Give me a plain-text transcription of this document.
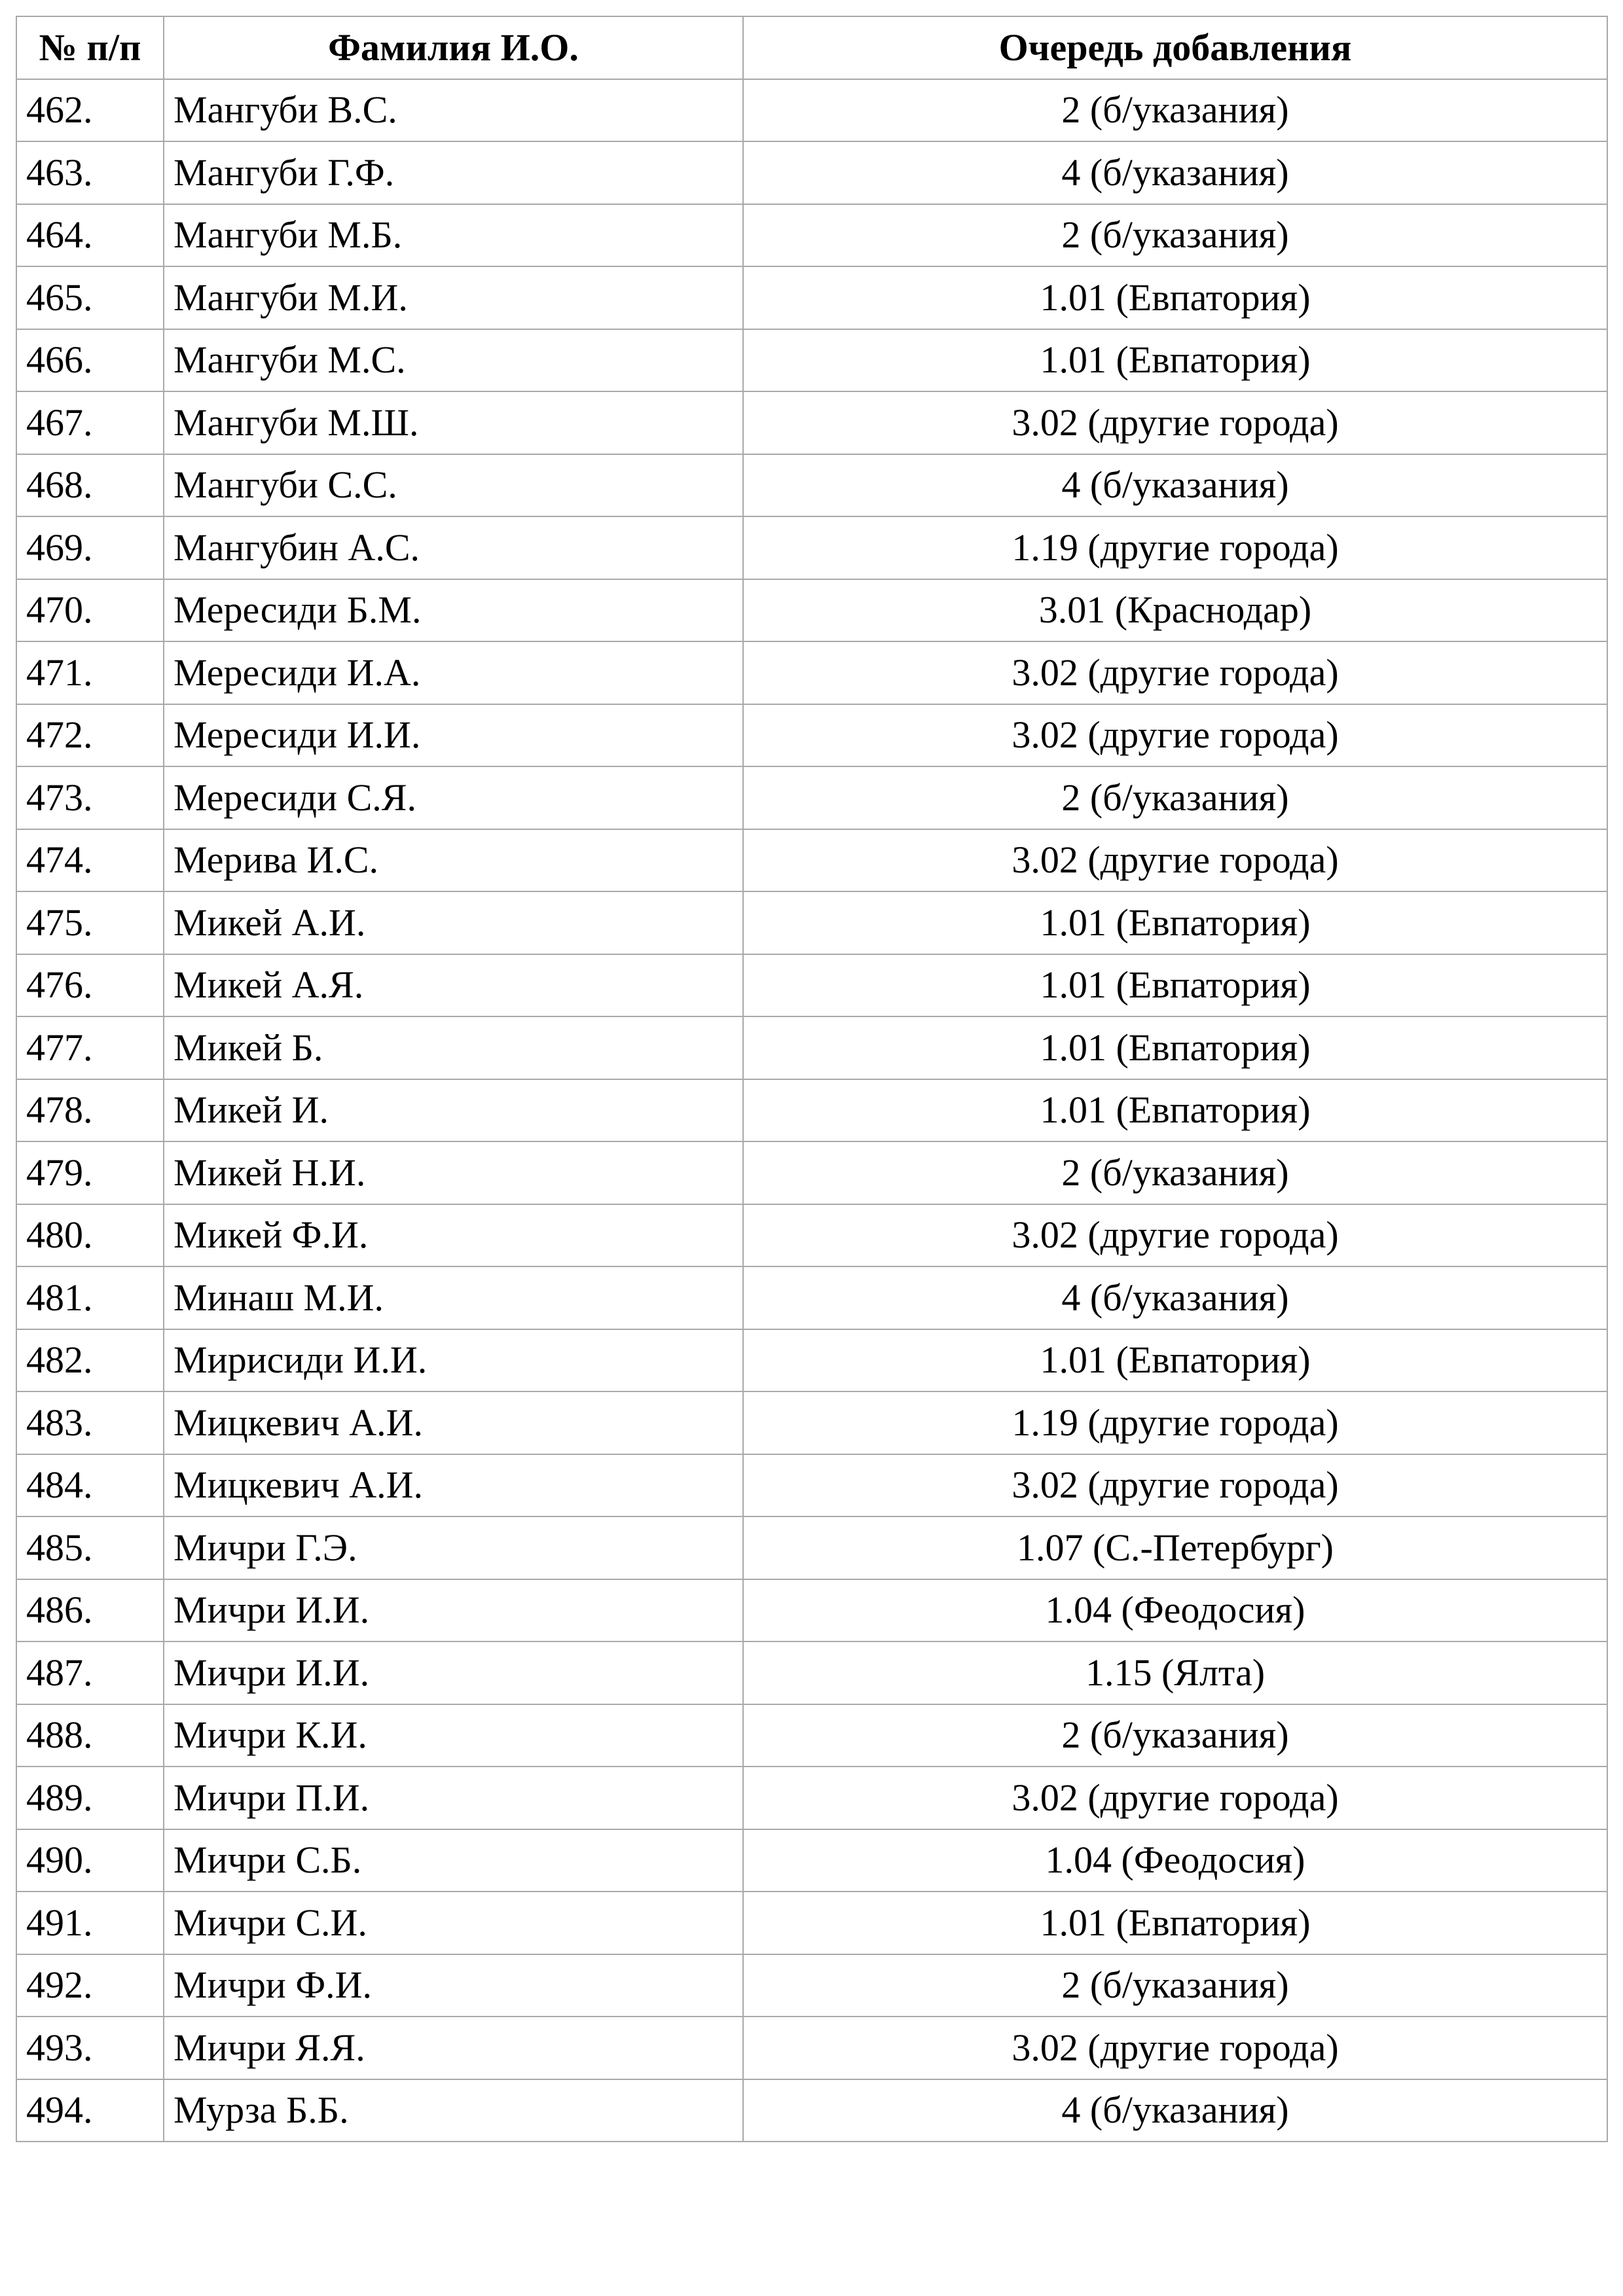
№ п/п	Фамилия И.О.	Очередь добавления
462.	Мангуби В.С.	2 (б/указания)
463.	Мангуби Г.Ф.	4 (б/указания)
464.	Мангуби М.Б.	2 (б/указания)
465.	Мангуби М.И.	1.01 (Евпатория)
466.	Мангуби М.С.	1.01 (Евпатория)
467.	Мангуби М.Ш.	3.02 (другие города)
468.	Мангуби С.С.	4 (б/указания)
469.	Мангубин А.С.	1.19 (другие города)
470.	Мересиди Б.М.	3.01 (Краснодар)
471.	Мересиди И.А.	3.02 (другие города)
472.	Мересиди И.И.	3.02 (другие города)
473.	Мересиди С.Я.	2 (б/указания)
474.	Мерива И.С.	3.02 (другие города)
475.	Микей А.И.	1.01 (Евпатория)
476.	Микей А.Я.	1.01 (Евпатория)
477.	Микей Б.	1.01 (Евпатория)
478.	Микей И.	1.01 (Евпатория)
479.	Микей Н.И.	2 (б/указания)
480.	Микей Ф.И.	3.02 (другие города)
481.	Минаш М.И.	4 (б/указания)
482.	Мирисиди И.И.	1.01 (Евпатория)
483.	Мицкевич А.И.	1.19 (другие города)
484.	Мицкевич А.И.	3.02 (другие города)
485.	Мичри Г.Э.	1.07 (С.-Петербург)
486.	Мичри И.И.	1.04 (Феодосия)
487.	Мичри И.И.	1.15 (Ялта)
488.	Мичри К.И.	2 (б/указания)
489.	Мичри П.И.	3.02 (другие города)
490.	Мичри С.Б.	1.04 (Феодосия)
491.	Мичри С.И.	1.01 (Евпатория)
492.	Мичри Ф.И.	2 (б/указания)
493.	Мичри Я.Я.	3.02 (другие города)
494.	Мурза Б.Б.	4 (б/указания)
